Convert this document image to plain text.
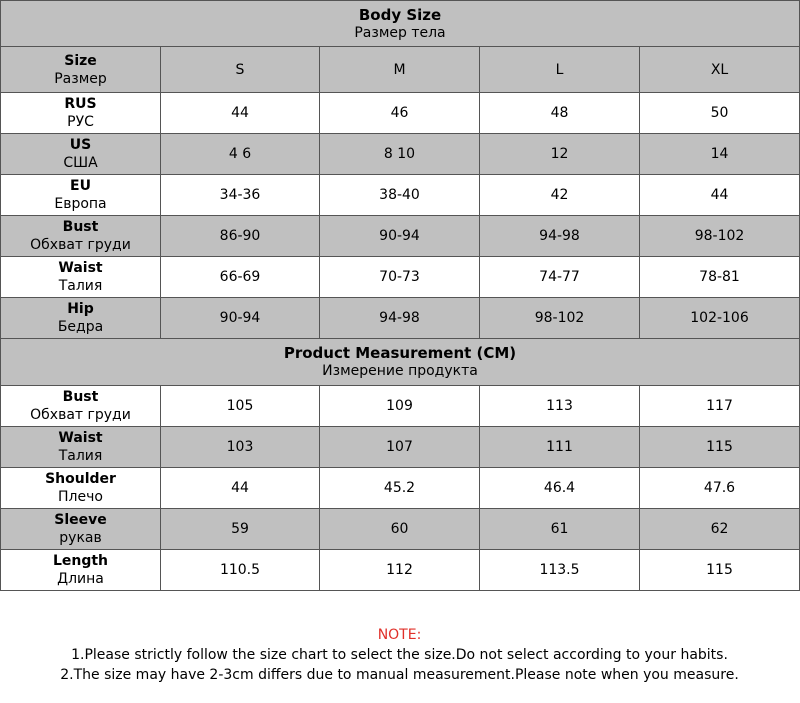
Body Size
Размер тела				

Size
Размер	S	M	L	XL

RUS
РУС	44	46	48	50

US
США	4 6	8 10	12	14

EU
Европа	34-36	38-40	42	44

Bust
Обхват груди	86-90	90-94	94-98	98-102

Waist
Талия	66-69	70-73	74-77	78-81

Hip
Бедра	90-94	94-98	98-102	102-106

Product Measurement (CM)
Измерение продукта				

Bust
Обхват груди	105	109	113	117

Waist
Талия	103	107	111	115

Shoulder
Плечо	44	45.2	46.4	47.6

Sleeve
рукав	59	60	61	62

Length
Длина	110.5	112	113.5	115
NOTE:
1.Please strictly follow the size chart to select the size.Do not select according to your habits.
2.The size may have 2-3cm differs due to manual measurement.Please note when you measure.
